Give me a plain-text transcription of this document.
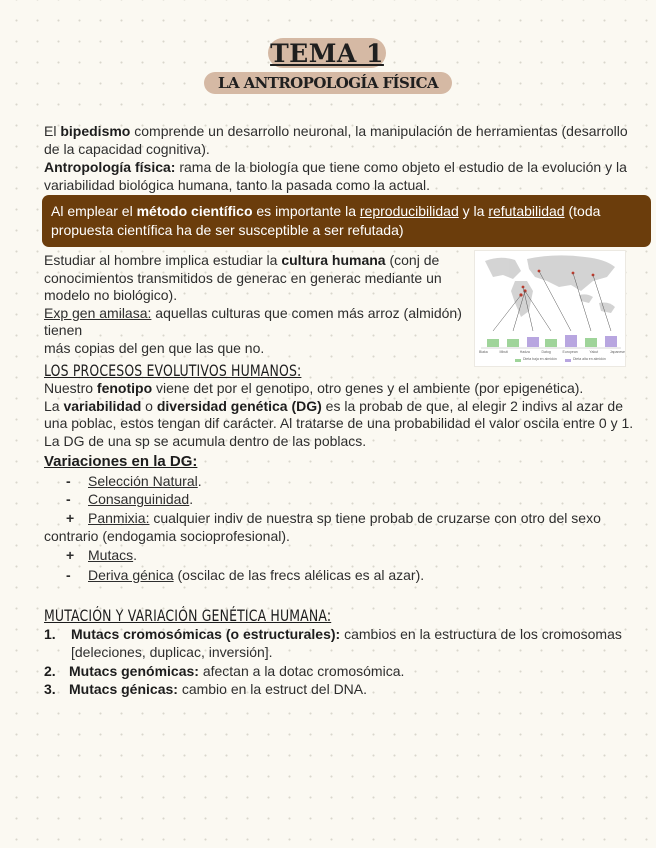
TEMA 1
LA ANTROPOLOGÍA FÍSICA
El bipedismo comprende un desarrollo neuronal, la manipulación de herramientas (desarrollo
de la capacidad cognitiva).
Antropología física: rama de la biología que tiene como objeto el estudio de la evolución y la
variabilidad biológica humana, tanto la pasada como la actual.
Al emplear el método científico es importante la reproducibilidad y la refutabilidad (toda
propuesta científica ha de ser susceptible a ser refutada)
Estudiar al hombre implica estudiar la cultura humana (conj de
conocimientos transmitidos de generac en generac mediante un
modelo no biológico).
Exp gen amilasa: aquellas culturas que comen más arroz (almidón) tienen
más copias del gen que las que no.	Biaka	Mbuti	Hadza	Datog	European	Yakut	Japanese
Dieta baja en almidón	Dieta alta en almidón
LOS PROCESOS EVOLUTIVOS HUMANOS:
Nuestro fenotipo viene det por el genotipo, otro genes y el ambiente (por epigenética).
La variabilidad o diversidad genética (DG) es la probab de que, al elegir 2 indivs al azar de
una poblac, estos tengan dif carácter. Al tratarse de una probabilidad el valor oscila entre 0 y 1.
La DG de una sp se acumula dentro de las poblacs.
Variaciones en la DG:
- Selección Natural.
- Consanguinidad.
+ Panmixia: cualquier indiv de nuestra sp tiene probab de cruzarse con otro del sexo
contrario (endogamia socioprofesional).
+ Mutacs.
- Deriva génica (oscilac de las frecs alélicas es al azar).
MUTACIÓN Y VARIACIÓN GENÉTICA HUMANA:
1. Mutacs cromosómicas (o estructurales): cambios en la estructura de los cromosomas
[deleciones, duplicac, inversión].
2. Mutacs genómicas: afectan a la dotac cromosómica.
3. Mutacs génicas: cambio en la estruct del DNA.
